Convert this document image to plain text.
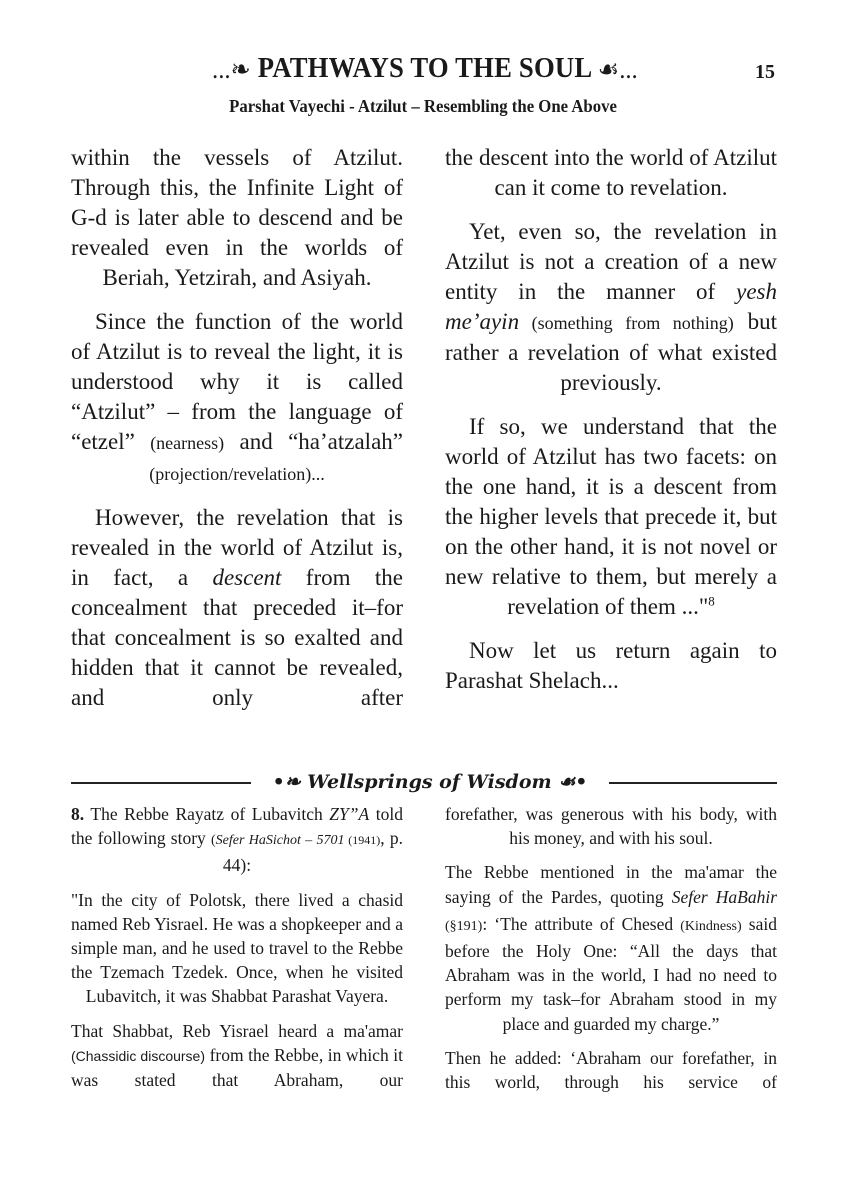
...❧ PATHWAYS TO THE SOUL ☙...	15
Parshat Vayechi - Atzilut – Resembling the One Above

within the vessels of Atzilut. Through this, the Infinite Light of G-d is later able to descend and be revealed even in the worlds of Beriah, Yetzirah, and Asiyah.

Since the function of the world of Atzilut is to reveal the light, it is understood why it is called “Atzilut” – from the language of “etzel” (nearness) and “ha’atzalah” (projection/revelation)...

However, the revelation that is revealed in the world of Atzilut is, in fact, a descent from the concealment that preceded it–for that concealment is so exalted and hidden that it cannot be revealed, and only after

the descent into the world of Atzilut can it come to revelation.

Yet, even so, the revelation in Atzilut is not a creation of a new entity in the manner of yesh me’ayin (something from nothing) but rather a revelation of what existed previously.

If so, we understand that the world of Atzilut has two facets: on the one hand, it is a descent from the higher levels that precede it, but on the other hand, it is not novel or new relative to them, but merely a revelation of them ..."$^8$

Now let us return again to Parashat Shelach...

•❧ Wellsprings of Wisdom ☙•

8. The Rebbe Rayatz of Lubavitch ZY”A told the following story (Sefer HaSichot – 5701 (1941), p. 44):

"In the city of Polotsk, there lived a chasid named Reb Yisrael. He was a shopkeeper and a simple man, and he used to travel to the Rebbe the Tzemach Tzedek. Once, when he visited Lubavitch, it was Shabbat Parashat Vayera.

That Shabbat, Reb Yisrael heard a ma'amar (Chassidic discourse) from the Rebbe, in which it was stated that Abraham, our

forefather, was generous with his body, with his money, and with his soul.

The Rebbe mentioned in the ma'amar the saying of the Pardes, quoting Sefer HaBahir (§191): ‘The attribute of Chesed (Kindness) said before the Holy One: “All the days that Abraham was in the world, I had no need to perform my task–for Abraham stood in my place and guarded my charge.”

Then he added: ‘Abraham our forefather, in this world, through his service of
